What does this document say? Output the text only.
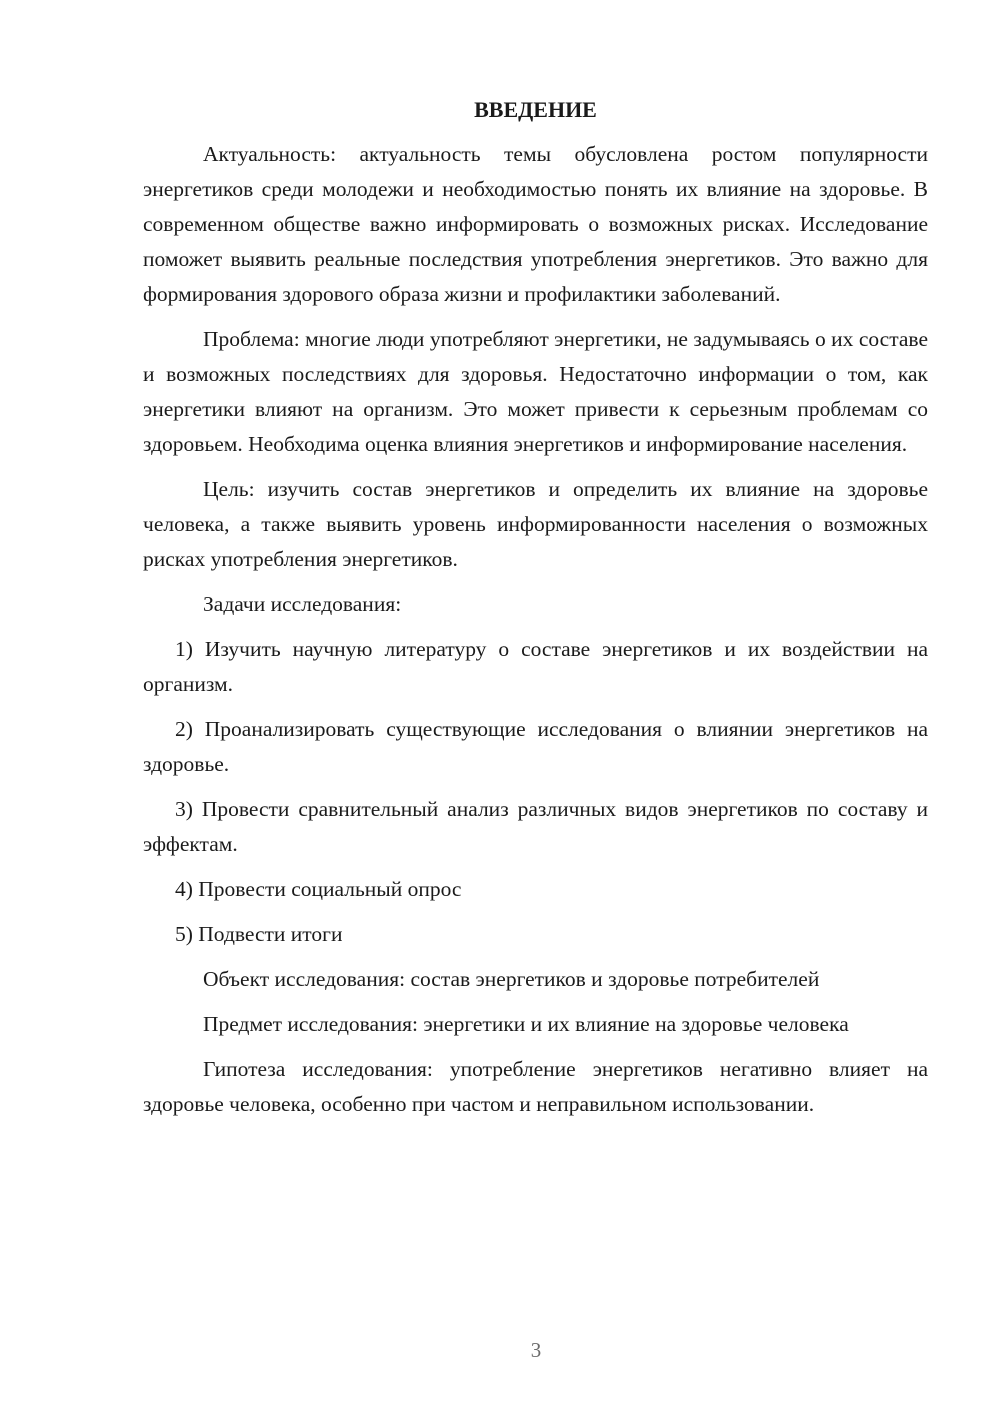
ВВЕДЕНИЕ

Актуальность: актуальность темы обусловлена ростом популярности энергетиков среди молодежи и необходимостью понять их влияние на здоровье. В современном обществе важно информировать о возможных рисках. Исследование поможет выявить реальные последствия употребления энергетиков. Это важно для формирования здорового образа жизни и профилактики заболеваний.

Проблема: многие люди употребляют энергетики, не задумываясь о их составе и возможных последствиях для здоровья. Недостаточно информации о том, как энергетики влияют на организм. Это может привести к серьезным проблемам со здоровьем. Необходима оценка влияния энергетиков и информирование населения.

Цель: изучить состав энергетиков и определить их влияние на здоровье человека, а также выявить уровень информированности населения о возможных рисках употребления энергетиков.

Задачи исследования:

1) Изучить научную литературу о составе энергетиков и их воздействии на организм.

2) Проанализировать существующие исследования о влиянии энергетиков на здоровье.

3) Провести сравнительный анализ различных видов энергетиков по составу и эффектам.

4) Провести социальный опрос

5) Подвести итоги

Объект исследования: состав энергетиков и здоровье потребителей

Предмет исследования: энергетики и их влияние на здоровье человека

Гипотеза исследования: употребление энергетиков негативно влияет на здоровье человека, особенно при частом и неправильном использовании.

3
